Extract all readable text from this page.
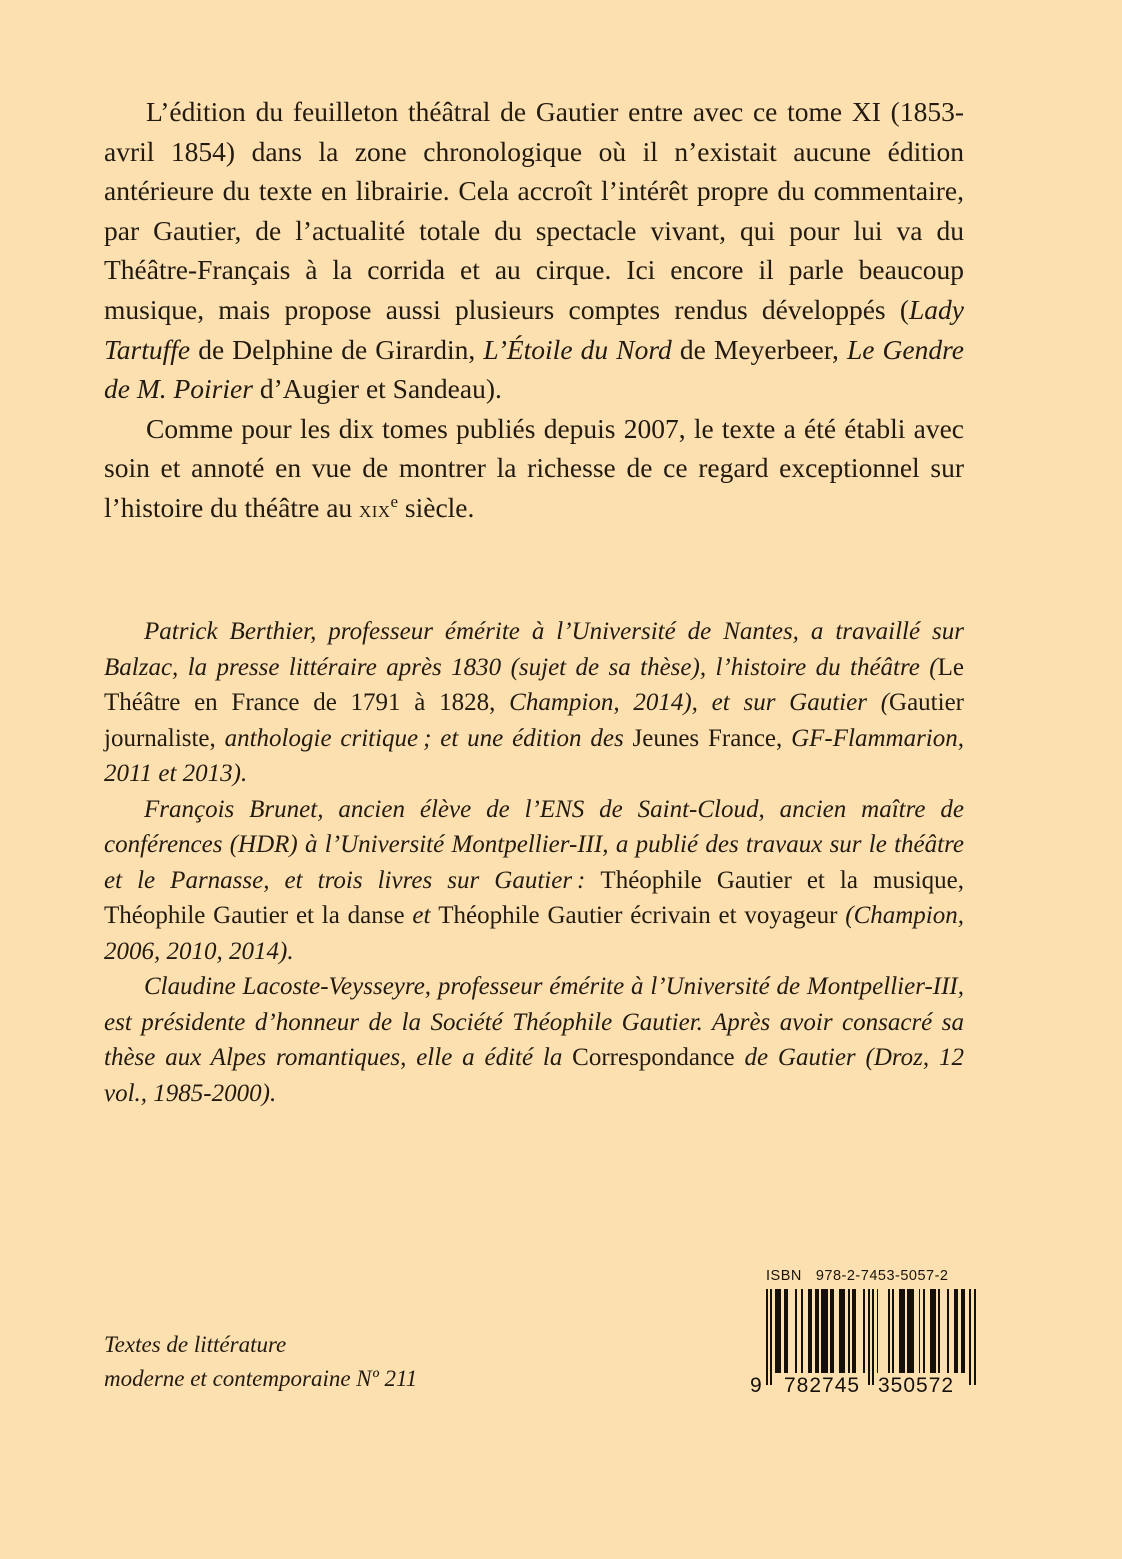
L’édition du feuilleton théâtral de Gautier entre avec ce tome XI (1853-avril 1854) dans la zone chronologique où il n’existait aucune édition antérieure du texte en librairie. Cela accroît l’intérêt propre du commentaire, par Gautier, de l’actualité totale du spectacle vivant, qui pour lui va du Théâtre-Français à la corrida et au cirque. Ici encore il parle beaucoup musique, mais propose aussi plusieurs comptes rendus développés (Lady Tartuffe de Delphine de Girardin, L’Étoile du Nord de Meyerbeer, Le Gendre de M. Poirier d’Augier et Sandeau).

Comme pour les dix tomes publiés depuis 2007, le texte a été établi avec soin et annoté en vue de montrer la richesse de ce regard exceptionnel sur l’histoire du théâtre au xix$^e$ siècle.

Patrick Berthier, professeur émérite à l’Université de Nantes, a travaillé sur Balzac, la presse littéraire après 1830 (sujet de sa thèse), l’histoire du théâtre (Le Théâtre en France de 1791 à 1828, Champion, 2014), et sur Gautier (Gautier journaliste, anthologie critique ; et une édition des Jeunes France, GF-Flammarion, 2011 et 2013).

François Brunet, ancien élève de l’ENS de Saint-Cloud, ancien maître de conférences (HDR) à l’Université Montpellier-III, a publié des travaux sur le théâtre et le Parnasse, et trois livres sur Gautier : Théophile Gautier et la musique, Théophile Gautier et la danse et Théophile Gautier écrivain et voyageur (Champion, 2006, 2010, 2014).

Claudine Lacoste-Veysseyre, professeur émérite à l’Université de Montpellier-III, est présidente d’honneur de la Société Théophile Gautier. Après avoir consacré sa thèse aux Alpes romantiques, elle a édité la Correspondance de Gautier (Droz, 12 vol., 1985-2000).

Textes de littérature
moderne et contemporaine Nº 211
ISBN 978-2-7453-5057-2
9 782745 350572
